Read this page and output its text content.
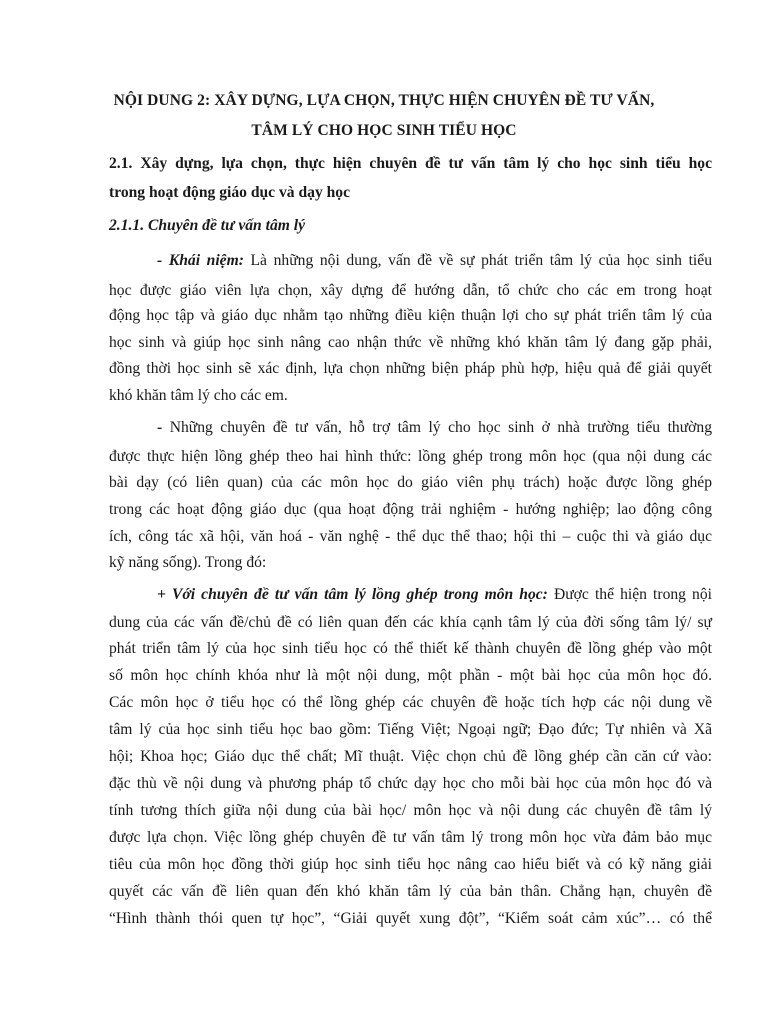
NỘI DUNG 2: XÂY DỰNG, LỰA CHỌN, THỰC HIỆN CHUYÊN ĐỀ TƯ VẤN,
TÂM LÝ CHO HỌC SINH TIỂU HỌC
2.1. Xây dựng, lựa chọn, thực hiện chuyên đề tư vấn tâm lý cho học sinh tiểu học
trong hoạt động giáo dục và dạy học
2.1.1. Chuyên đề tư vấn tâm lý
- Khái niệm: Là những nội dung, vấn đề về sự phát triển tâm lý của học sinh tiểu
học được giáo viên lựa chọn, xây dựng để hướng dẫn, tổ chức cho các em trong hoạt
động học tập và giáo dục nhằm tạo những điều kiện thuận lợi cho sự phát triển tâm lý của
học sinh và giúp học sinh nâng cao nhận thức về những khó khăn tâm lý đang gặp phải,
đồng thời học sinh sẽ xác định, lựa chọn những biện pháp phù hợp, hiệu quả để giải quyết
khó khăn tâm lý cho các em.
- Những chuyên đề tư vấn, hỗ trợ tâm lý cho học sinh ở nhà trường tiểu thường
được thực hiện lồng ghép theo hai hình thức: lồng ghép trong môn học (qua nội dung các
bài dạy (có liên quan) của các môn học do giáo viên phụ trách) hoặc được lồng ghép
trong các hoạt động giáo dục (qua hoạt động trải nghiệm - hướng nghiệp; lao động công
ích, công tác xã hội, văn hoá - văn nghệ - thể dục thể thao; hội thi – cuộc thi và giáo dục
kỹ năng sống). Trong đó:
+ Với chuyên đề tư vấn tâm lý lồng ghép trong môn học: Được thể hiện trong nội
dung của các vấn đề/chủ đề có liên quan đến các khía cạnh tâm lý của đời sống tâm lý/ sự
phát triển tâm lý của học sinh tiểu học có thể thiết kế thành chuyên đề lồng ghép vào một
số môn học chính khóa như là một nội dung, một phần - một bài học của môn học đó.
Các môn học ở tiểu học có thể lồng ghép các chuyên đề hoặc tích hợp các nội dung về
tâm lý của học sinh tiểu học bao gồm: Tiếng Việt; Ngoại ngữ; Đạo đức; Tự nhiên và Xã
hội; Khoa học; Giáo dục thể chất; Mĩ thuật. Việc chọn chủ đề lồng ghép cần căn cứ vào:
đặc thù về nội dung và phương pháp tổ chức dạy học cho mỗi bài học của môn học đó và
tính tương thích giữa nội dung của bài học/ môn học và nội dung các chuyên đề tâm lý
được lựa chọn. Việc lồng ghép chuyên đề tư vấn tâm lý trong môn học vừa đảm bảo mục
tiêu của môn học đồng thời giúp học sinh tiểu học nâng cao hiểu biết và có kỹ năng giải
quyết các vấn đề liên quan đến khó khăn tâm lý của bản thân. Chẳng hạn, chuyên đề
“Hình thành thói quen tự học”, “Giải quyết xung đột”, “Kiểm soát cảm xúc”… có thể
